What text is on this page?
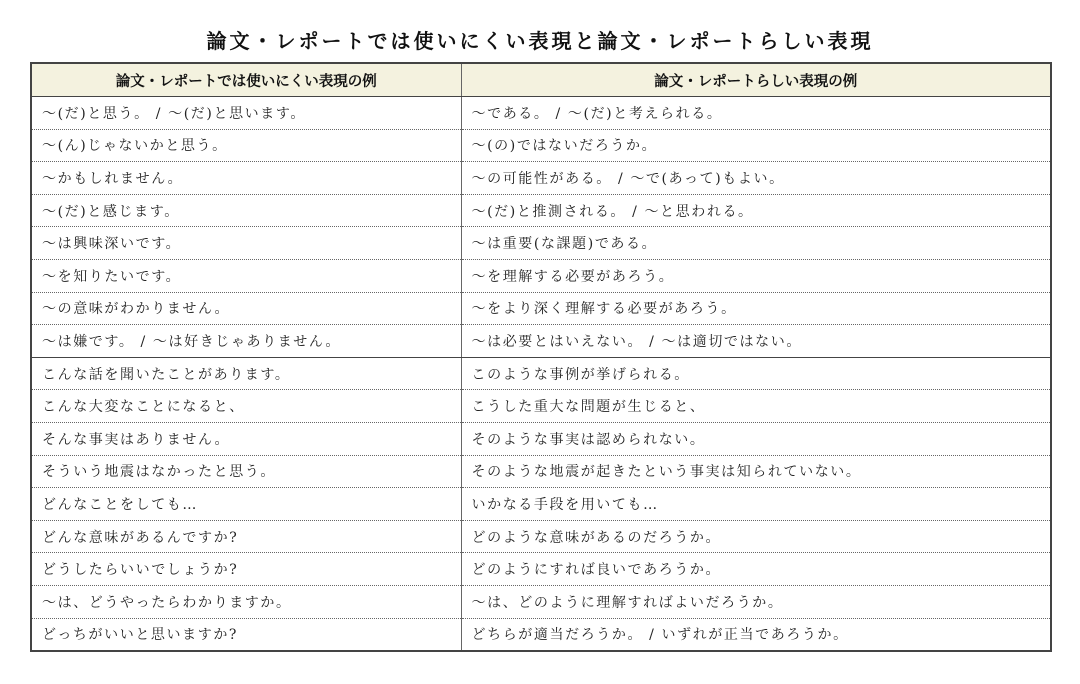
論文・レポートでは使いにくい表現と論文・レポートらしい表現
論文・レポートでは使いにくい表現の例	論文・レポートらしい表現の例
〜(だ)と思う。 / 〜(だ)と思います。	〜である。 / 〜(だ)と考えられる。
〜(ん)じゃないかと思う。	〜(の)ではないだろうか。
〜かもしれません。	〜の可能性がある。 / 〜で(あって)もよい。
〜(だ)と感じます。	〜(だ)と推測される。 / 〜と思われる。
〜は興味深いです。	〜は重要(な課題)である。
〜を知りたいです。	〜を理解する必要があろう。
〜の意味がわかりません。	〜をより深く理解する必要があろう。
〜は嫌です。 / 〜は好きじゃありません。	〜は必要とはいえない。 / 〜は適切ではない。
こんな話を聞いたことがあります。	このような事例が挙げられる。
こんな大変なことになると、	こうした重大な問題が生じると、
そんな事実はありません。	そのような事実は認められない。
そういう地震はなかったと思う。	そのような地震が起きたという事実は知られていない。
どんなことをしても…	いかなる手段を用いても…
どんな意味があるんですか?	どのような意味があるのだろうか。
どうしたらいいでしょうか?	どのようにすれば良いであろうか。
〜は、どうやったらわかりますか。	〜は、どのように理解すればよいだろうか。
どっちがいいと思いますか?	どちらが適当だろうか。 / いずれが正当であろうか。
